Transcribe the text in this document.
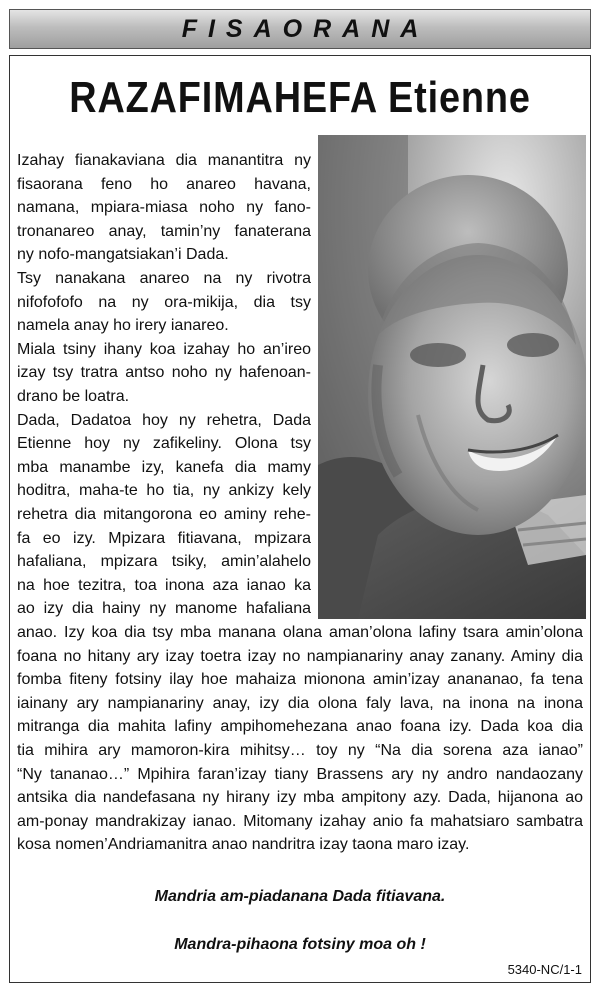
FISAORANA
RAZAFIMAHEFA Etienne
Izahay fianakaviana dia manantitra ny
fisaorana feno ho anareo havana,
namana, mpiara-miasa noho ny fano-
tronanareo anay, tamin’ny fanaterana
ny nofo-mangatsiakan’i Dada.
Tsy nanakana anareo na ny rivotra
nifofofofo na ny ora-mikija, dia tsy
namela anay ho irery ianareo.
Miala tsiny ihany koa izahay ho an’ireo
izay tsy tratra antso noho ny hafenoan-
drano be loatra.
Dada, Dadatoa hoy ny rehetra, Dada
Etienne hoy ny zafikeliny. Olona tsy
mba manambe izy, kanefa dia mamy
hoditra, maha-te ho tia, ny ankizy kely
rehetra dia mitangorona eo aminy rehe-
fa eo izy. Mpizara fitiavana, mpizara
hafaliana, mpizara tsiky, amin’alahelo
na hoe tezitra, toa inona aza ianao ka
ao izy dia hainy ny manome hafaliana
anao. Izy koa dia tsy mba manana olana aman’olona lafiny tsara amin’olona
foana no hitany ary izay toetra izay no nampianariny anay zanany. Aminy dia
fomba fiteny fotsiny ilay hoe mahaiza mionona amin’izay anananao, fa tena
iainany ary nampianariny anay, izy dia olona faly lava, na inona na inona
mitranga dia mahita lafiny ampihomehezana anao foana izy. Dada koa dia
tia mihira ary mamoron-kira mihitsy… toy ny “Na dia sorena aza ianao”
“Ny tananao…” Mpihira faran’izay tiany Brassens ary ny andro nandaozany
antsika dia nandefasana ny hirany izy mba ampitony azy. Dada, hijanona ao
am-ponay mandrakizay ianao. Mitomany izahay anio fa mahatsiaro sambatra
kosa nomen’Andriamanitra anao nandritra izay taona maro izay.

Mandria am-piadanana Dada fitiavana.

Mandra-pihaona fotsiny moa oh !

5340-NC/1-1
